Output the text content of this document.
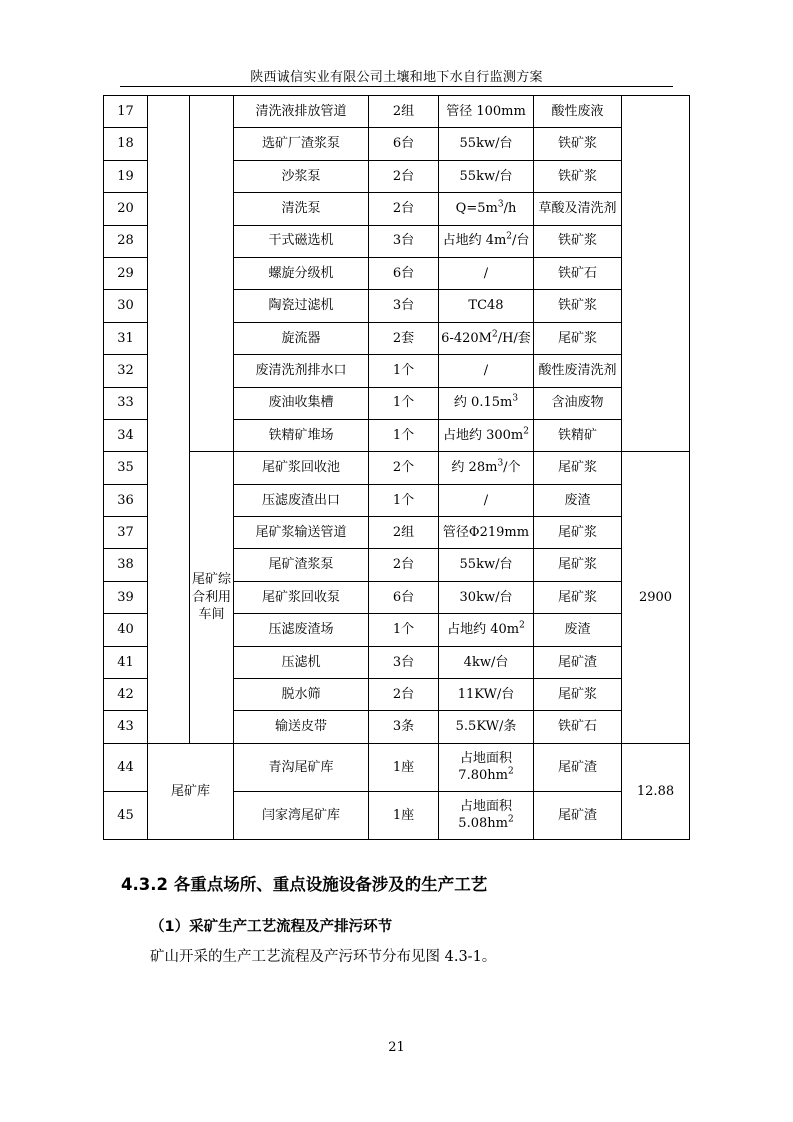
陕西诚信实业有限公司土壤和地下水自行监测方案
17			清洗液排放管道	2组	管径 100mm	酸性废液	
18			选矿厂渣浆泵	6台	55kw/台	铁矿浆	
19			沙浆泵	2台	55kw/台	铁矿浆	
20			清洗泵	2台	$Q=5m^3/h$	草酸及清洗剂	
28			干式磁选机	3台	占地约 $4m^2/$台	铁矿浆	
29			螺旋分级机	6台	/	铁矿石	
30			陶瓷过滤机	3台	TC48	铁矿浆	
31			旋流器	2套	$6-420M^2/H/$套	尾矿浆	
32			废清洗剂排水口	1个	/	酸性废清洗剂	
33			废油收集槽	1个	约 $0.15m^3$	含油废物	
34			铁精矿堆场	1个	占地约 $300m^2$	铁精矿	
35		尾矿综合利用车间	尾矿浆回收池	2个	约 $28m^3/$个	尾矿浆	2900
36			压滤废渣出口	1个	/	废渣	
37			尾矿浆输送管道	2组	管径Φ219mm	尾矿浆	
38			尾矿渣浆泵	2台	55kw/台	尾矿浆	
39			尾矿浆回收泵	6台	30kw/台	尾矿浆	
40			压滤废渣场	1个	占地约 $40m^2$	废渣	
41			压滤机	3台	4kw/台	尾矿渣	
42			脱水筛	2台	11KW/台	尾矿浆	
43			输送皮带	3条	5.5KW/条	铁矿石	
44	尾矿库		青沟尾矿库	1座	占地面积
$7.80hm^2$	尾矿渣	12.88
45			闫家湾尾矿库	1座	占地面积
$5.08hm^2$	尾矿渣	
4.3.2 各重点场所、重点设施设备涉及的生产工艺
（1）采矿生产工艺流程及产排污环节
矿山开采的生产工艺流程及产污环节分布见图 4.3-1。
21
